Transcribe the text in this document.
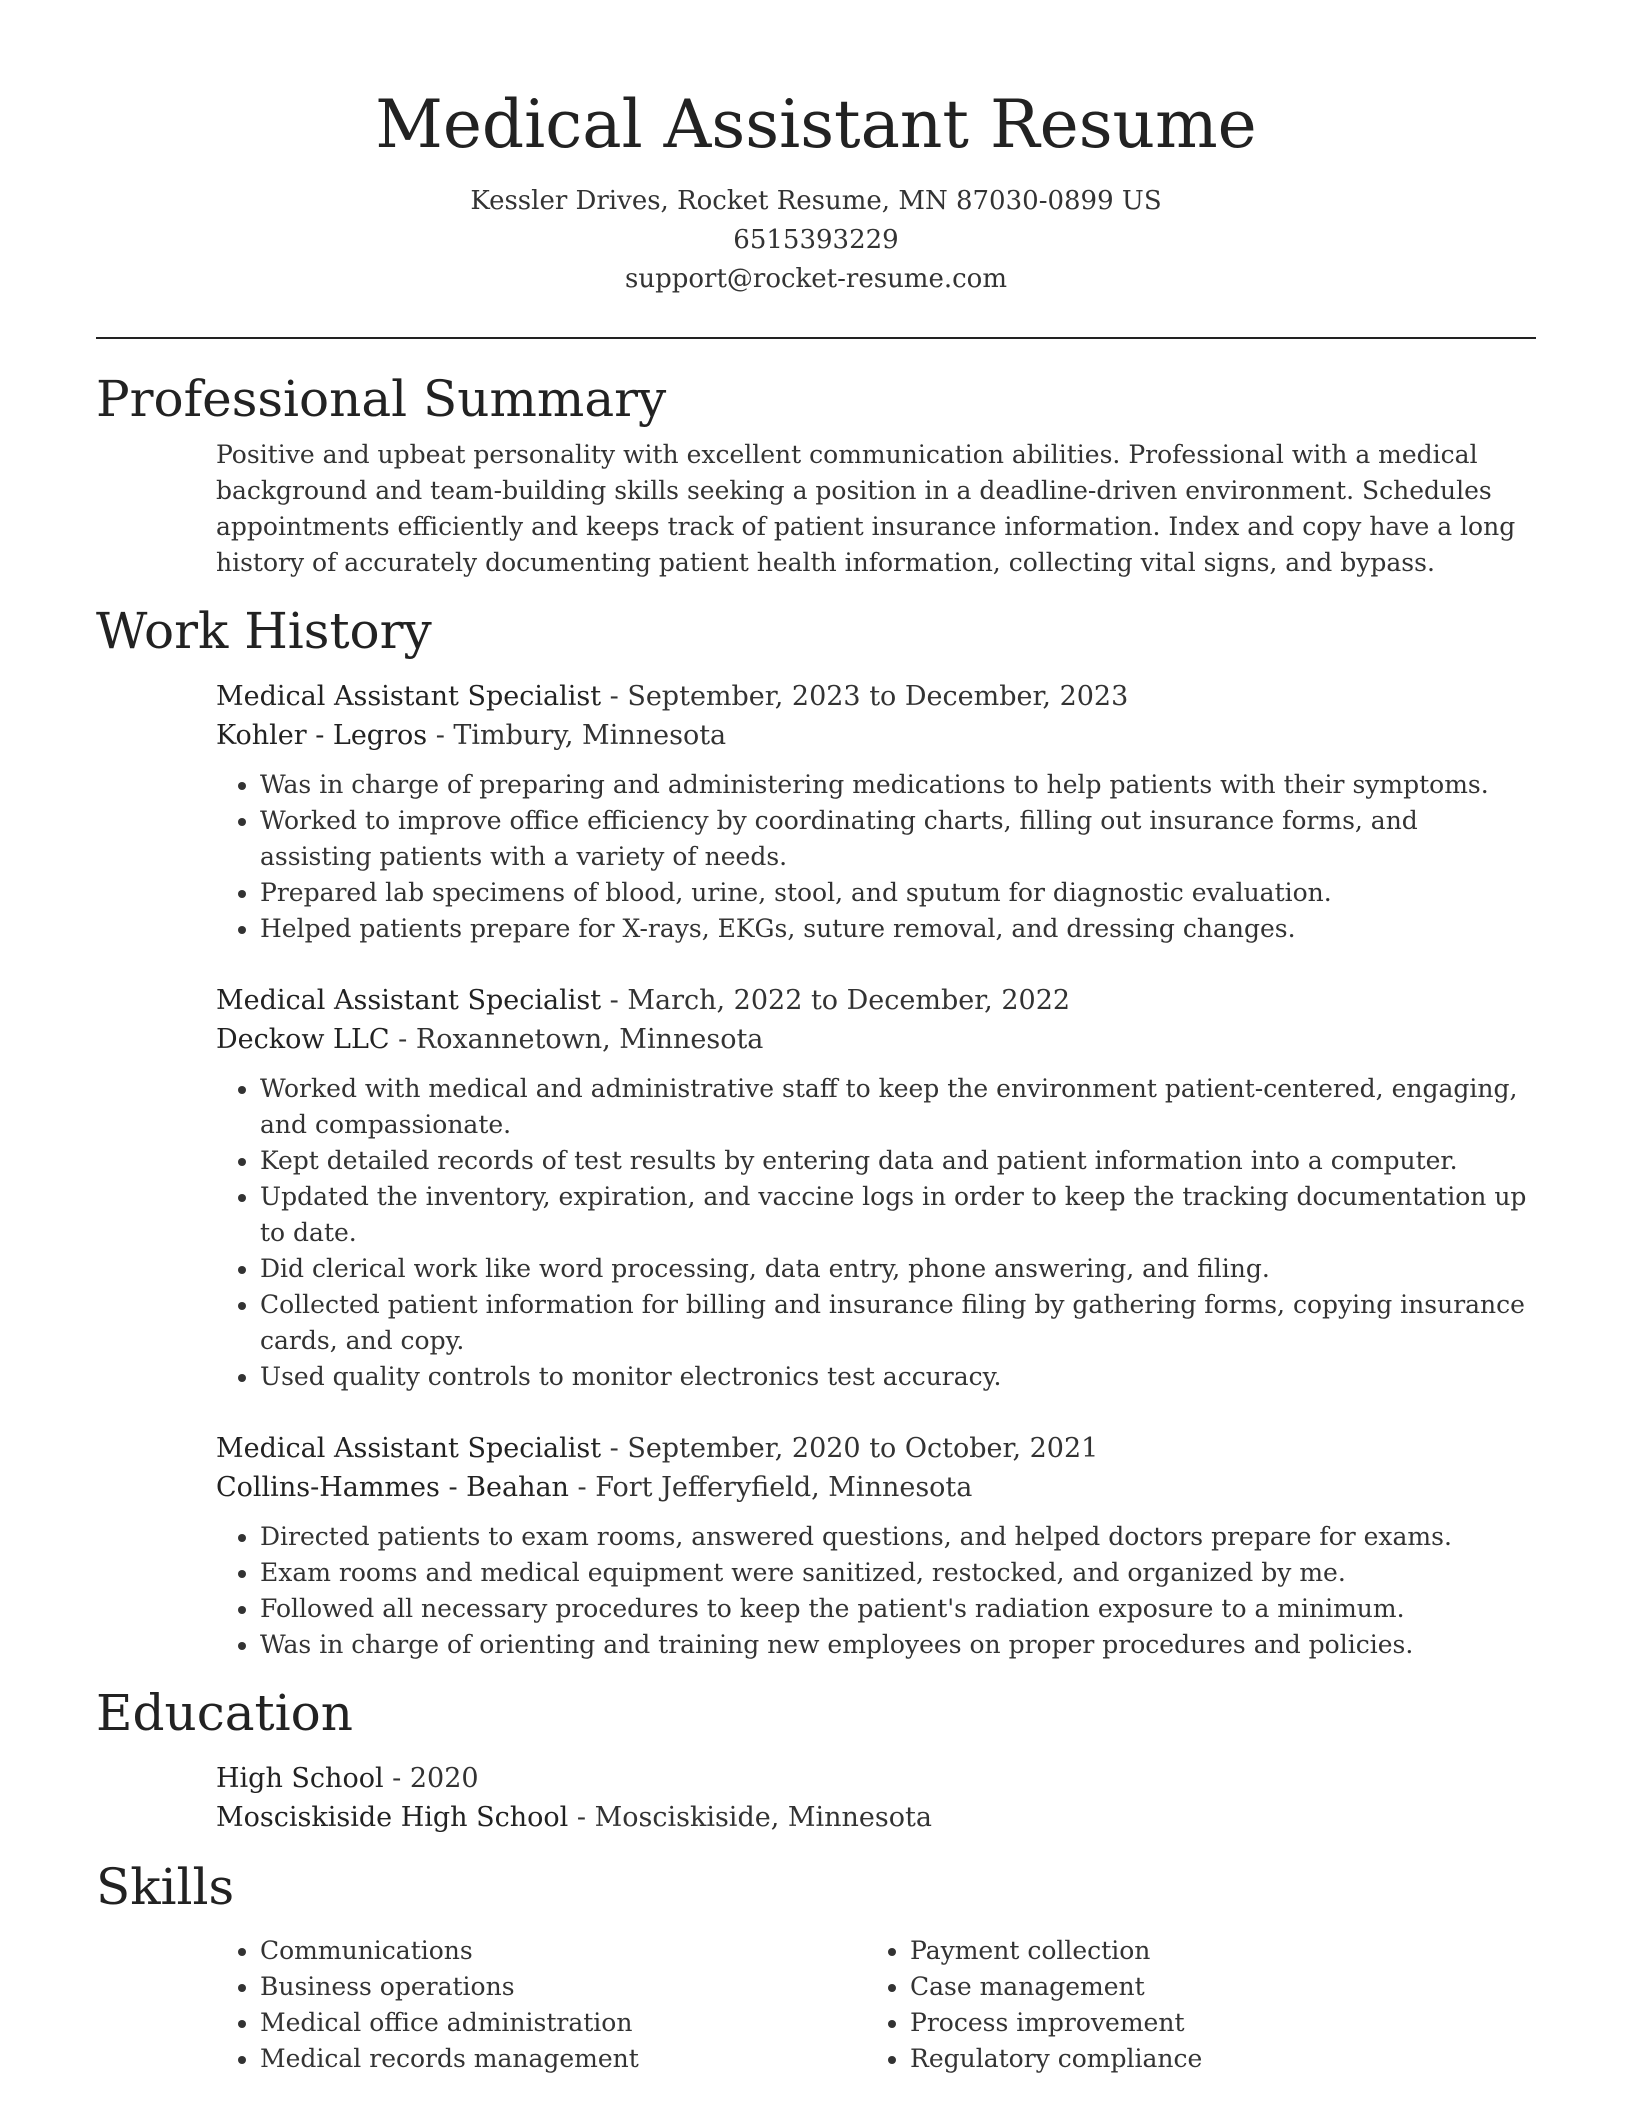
Medical Assistant Resume
Kessler Drives, Rocket Resume, MN 87030-0899 US
6515393229
support@rocket-resume.com
Professional Summary

Positive and upbeat personality with excellent communication abilities. Professional with a medical background and team-building skills seeking a position in a deadline-driven environment. Schedules appointments efficiently and keeps track of patient insurance information. Index and copy have a long history of accurately documenting patient health information, collecting vital signs, and bypass.

Work History
Medical Assistant Specialist - September, 2023 to December, 2023
Kohler - Legros - Timbury, Minnesota
• Was in charge of preparing and administering medications to help patients with their symptoms.
• Worked to improve office efficiency by coordinating charts, filling out insurance forms, and assisting patients with a variety of needs.
• Prepared lab specimens of blood, urine, stool, and sputum for diagnostic evaluation.
• Helped patients prepare for X-rays, EKGs, suture removal, and dressing changes.
Medical Assistant Specialist - March, 2022 to December, 2022
Deckow LLC - Roxannetown, Minnesota
• Worked with medical and administrative staff to keep the environment patient-centered, engaging, and compassionate.
• Kept detailed records of test results by entering data and patient information into a computer.
• Updated the inventory, expiration, and vaccine logs in order to keep the tracking documentation up to date.
• Did clerical work like word processing, data entry, phone answering, and filing.
• Collected patient information for billing and insurance filing by gathering forms, copying insurance cards, and copy.
• Used quality controls to monitor electronics test accuracy.
Medical Assistant Specialist - September, 2020 to October, 2021
Collins-Hammes - Beahan - Fort Jefferyfield, Minnesota
• Directed patients to exam rooms, answered questions, and helped doctors prepare for exams.
• Exam rooms and medical equipment were sanitized, restocked, and organized by me.
• Followed all necessary procedures to keep the patient's radiation exposure to a minimum.
• Was in charge of orienting and training new employees on proper procedures and policies.
Education
High School - 2020
Mosciskiside High School - Mosciskiside, Minnesota
Skills
• Communications
• Business operations
• Medical office administration
• Medical records management
• Payment collection
• Case management
• Process improvement
• Regulatory compliance
